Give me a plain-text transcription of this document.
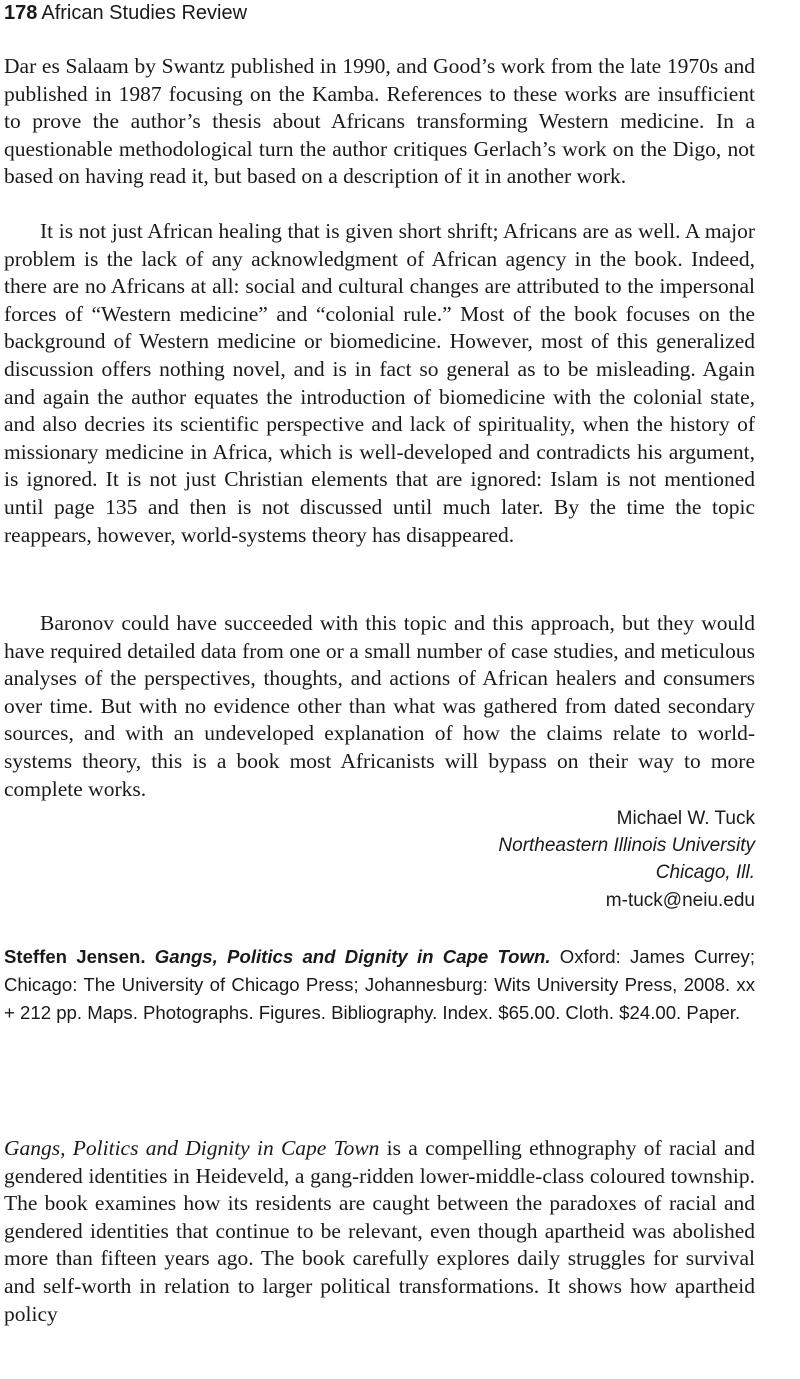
178 African Studies Review

Dar es Salaam by Swantz published in 1990, and Good’s work from the late 1970s and published in 1987 focusing on the Kamba. References to these works are insufficient to prove the author’s thesis about Africans transforming Western medicine. In a questionable methodological turn the author critiques Gerlach’s work on the Digo, not based on having read it, but based on a description of it in another work.

It is not just African healing that is given short shrift; Africans are as well. A major problem is the lack of any acknowledgment of African agency in the book. Indeed, there are no Africans at all: social and cultural changes are attributed to the impersonal forces of “Western medicine” and “colonial rule.” Most of the book focuses on the background of Western medicine or biomedicine. However, most of this generalized discussion offers nothing novel, and is in fact so general as to be misleading. Again and again the author equates the introduction of biomedicine with the colonial state, and also decries its scientific perspective and lack of spirituality, when the history of missionary medicine in Africa, which is well-developed and contradicts his argument, is ignored. It is not just Christian elements that are ignored: Islam is not mentioned until page 135 and then is not discussed until much later. By the time the topic reappears, however, world-systems theory has disappeared.

Baronov could have succeeded with this topic and this approach, but they would have required detailed data from one or a small number of case studies, and meticulous analyses of the perspectives, thoughts, and actions of African healers and consumers over time. But with no evidence other than what was gathered from dated secondary sources, and with an undeveloped explanation of how the claims relate to world-systems theory, this is a book most Africanists will bypass on their way to more complete works.

Michael W. Tuck
Northeastern Illinois University
Chicago, Ill.
m-tuck@neiu.edu

Steffen Jensen. Gangs, Politics and Dignity in Cape Town. Oxford: James Currey; Chicago: The University of Chicago Press; Johannesburg: Wits University Press, 2008. xx + 212 pp. Maps. Photographs. Figures. Bibliography. Index. $65.00. Cloth. $24.00. Paper.

Gangs, Politics and Dignity in Cape Town is a compelling ethnography of racial and gendered identities in Heideveld, a gang-ridden lower-middle-class coloured township. The book examines how its residents are caught between the paradoxes of racial and gendered identities that continue to be relevant, even though apartheid was abolished more than fifteen years ago. The book carefully explores daily struggles for survival and self-worth in relation to larger political transformations. It shows how apartheid policy
